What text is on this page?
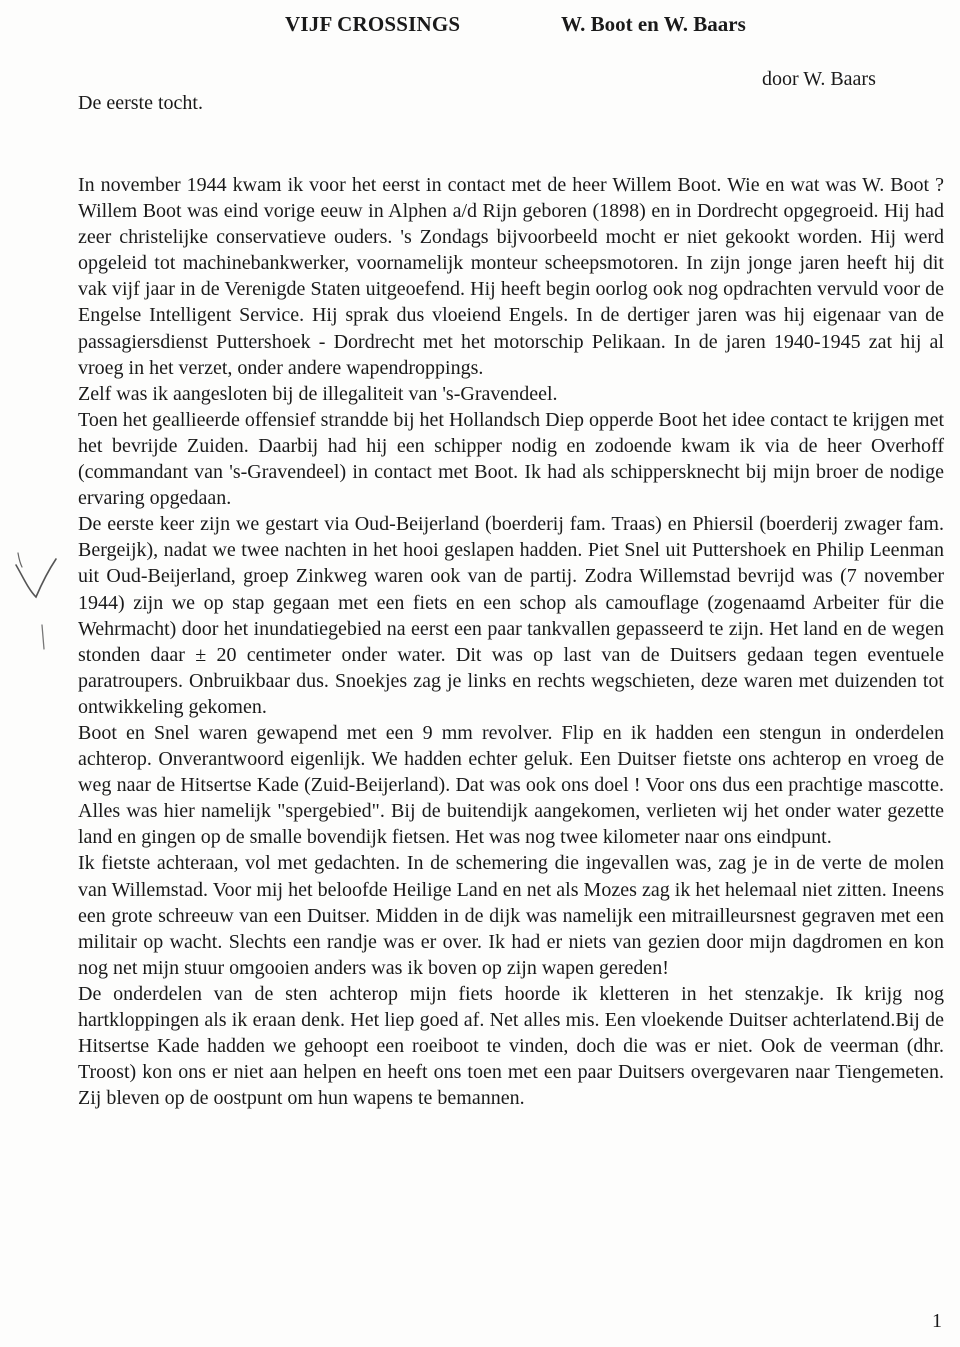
VIJF CROSSINGS	W. Boot en W. Baars
door W. Baars
De eerste tocht.

In november 1944 kwam ik voor het eerst in contact met de heer Willem Boot. Wie en wat was W. Boot ? Willem Boot was eind vorige eeuw in Alphen a/d Rijn geboren (1898) en in Dordrecht opgegroeid. Hij had zeer christelijke conservatieve ouders. 's Zondags bijvoorbeeld mocht er niet gekookt worden. Hij werd opgeleid tot machinebankwerker, voornamelijk monteur scheepsmotoren. In zijn jonge jaren heeft hij dit vak vijf jaar in de Verenigde Staten uitgeoefend. Hij heeft begin oorlog ook nog opdrachten vervuld voor de Engelse Intelligent Service. Hij sprak dus vloeiend Engels. In de dertiger jaren was hij eigenaar van de passagiersdienst Puttershoek - Dordrecht met het motorschip Pelikaan. In de jaren 1940-1945 zat hij al vroeg in het verzet, onder andere wapendroppings.

Zelf was ik aangesloten bij de illegaliteit van 's-Gravendeel.

Toen het geallieerde offensief strandde bij het Hollandsch Diep opperde Boot het idee contact te krijgen met het bevrijde Zuiden. Daarbij had hij een schipper nodig en zodoende kwam ik via de heer Overhoff (commandant van 's-Gravendeel) in contact met Boot. Ik had als schippersknecht bij mijn broer de nodige ervaring opgedaan.

De eerste keer zijn we gestart via Oud-Beijerland (boerderij fam. Traas) en Phiersil (boerderij zwager fam. Bergeijk), nadat we twee nachten in het hooi geslapen hadden. Piet Snel uit Puttershoek en Philip Leenman uit Oud-Beijerland, groep Zinkweg waren ook van de partij. Zodra Willemstad bevrijd was (7 november 1944) zijn we op stap gegaan met een fiets en een schop als camouflage (zogenaamd Arbeiter für die Wehrmacht) door het inundatiegebied na eerst een paar tankvallen gepasseerd te zijn. Het land en de wegen stonden daar ± 20 centimeter onder water. Dit was op last van de Duitsers gedaan tegen eventuele paratroupers. Onbruikbaar dus. Snoekjes zag je links en rechts wegschieten, deze waren met duizenden tot ontwikkeling gekomen.

Boot en Snel waren gewapend met een 9 mm revolver. Flip en ik hadden een stengun in onderdelen achterop. Onverantwoord eigenlijk. We hadden echter geluk. Een Duitser fietste ons achterop en vroeg de weg naar de Hitsertse Kade (Zuid-Beijerland). Dat was ook ons doel ! Voor ons dus een prachtige mascotte. Alles was hier namelijk "spergebied". Bij de buitendijk aangekomen, verlieten wij het onder water gezette land en gingen op de smalle bovendijk fietsen. Het was nog twee kilometer naar ons eindpunt.

Ik fietste achteraan, vol met gedachten. In de schemering die ingevallen was, zag je in de verte de molen van Willemstad. Voor mij het beloofde Heilige Land en net als Mozes zag ik het helemaal niet zitten. Ineens een grote schreeuw van een Duitser. Midden in de dijk was namelijk een mitrailleursnest gegraven met een militair op wacht. Slechts een randje was er over. Ik had er niets van gezien door mijn dagdromen en kon nog net mijn stuur omgooien anders was ik boven op zijn wapen gereden!

De onderdelen van de sten achterop mijn fiets hoorde ik kletteren in het stenzakje. Ik krijg nog hartkloppingen als ik eraan denk. Het liep goed af. Net alles mis. Een vloekende Duitser achterlatend.Bij de Hitsertse Kade hadden we gehoopt een roeiboot te vinden, doch die was er niet. Ook de veerman (dhr. Troost) kon ons er niet aan helpen en heeft ons toen met een paar Duitsers overgevaren naar Tiengemeten. Zij bleven op de oostpunt om hun wapens te bemannen.

1
